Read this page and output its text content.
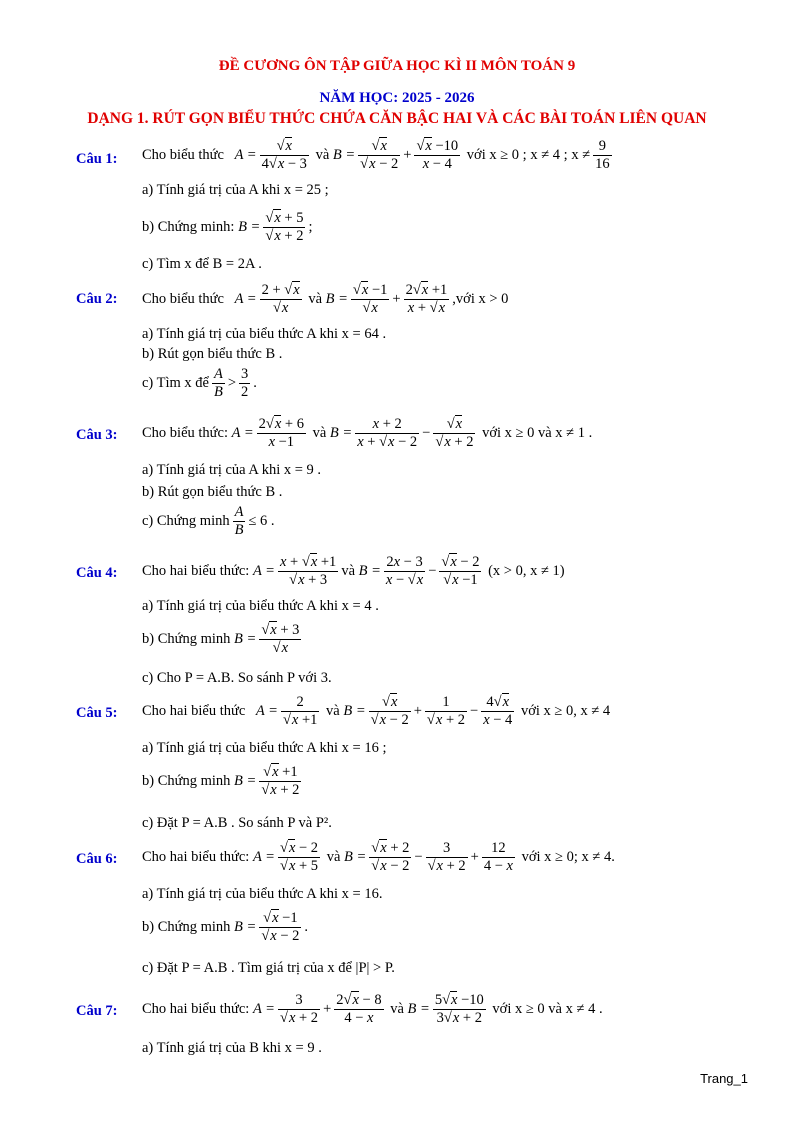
ĐỀ CƯƠNG ÔN TẬP GIỮA HỌC KÌ II MÔN TOÁN 9
NĂM HỌC: 2025 - 2026
DẠNG 1. RÚT GỌN BIỂU THỨC CHỨA CĂN BẬC HAI VÀ CÁC BÀI TOÁN LIÊN QUAN
Câu 1: Cho biểu thức   $A = \frac{√x}{4√x - 3}$ và $B = \frac{√x}{√x - 2} + \frac{√x -10}{x - 4}$ với x ≥ 0 ; x ≠ 4 ; $x \ne \frac{9}{16}$
a) Tính giá trị của A khi x = 25 ;
b) Chứng minh: $B = \frac{√x + 5}{√x + 2}$ ;
c) Tìm x để B = 2A .
Câu 2: Cho biểu thức   $A = \frac{2 + √x}{√x}$ và $B = \frac{√x -1}{√x} + \frac{2√x +1}{x + √x}$ ,với x > 0
a) Tính giá trị của biểu thức A khi x = 64 .
b) Rút gọn biểu thức B .
c) Tìm x để $\frac{A}{B} > \frac{3}{2}$ .
Câu 3: Cho biểu thức: $A = \frac{2√x + 6}{x -1}$ và $B = \frac{x + 2}{x + √x - 2} - \frac{√x}{√x + 2}$ với x ≥ 0 và x ≠ 1 .
a) Tính giá trị của A khi x = 9 .
b) Rút gọn biểu thức B .
c) Chứng minh $\frac{A}{B} \le 6$ .
Câu 4: Cho hai biểu thức: $A = \frac{x + √x +1}{√x + 3}$ và $B = \frac{2x - 3}{x - √x} - \frac{√x - 2}{√x -1} (x > 0$, x ≠ 1)
a) Tính giá trị của biểu thức A khi x = 4 .
b) Chứng minh $B = \frac{√x + 3}{√x}$
c) Cho P = A.B. So sánh P với 3.
Câu 5: Cho hai biểu thức   $A = \frac{2}{√x +1}$ và $B = \frac{√x}{√x - 2} + \frac{1}{√x + 2} - \frac{4√x}{x - 4}$ với x ≥ 0, x ≠ 4
a) Tính giá trị của biểu thức A khi x = 16 ;
b) Chứng minh $B = \frac{√x +1}{√x + 2}$
c) Đặt P = A.B . So sánh P và P².
Câu 6: Cho hai biểu thức: $A = \frac{√x - 2}{√x + 5}$ và $B = \frac{√x + 2}{√x - 2} - \frac{3}{√x + 2} + \frac{12}{4 - x}$ với x ≥ 0; x ≠ 4.
a) Tính giá trị của biểu thức A khi x = 16.
b) Chứng minh $B = \frac{√x -1}{√x - 2}$ .
c) Đặt P = A.B . Tìm giá trị của x để |P| > P.
Câu 7: Cho hai biểu thức: $A = \frac{3}{√x + 2} + \frac{2√x - 8}{4 - x}$ và $B = \frac{5√x -10}{3√x + 2}$ với x ≥ 0 và x ≠ 4 .
a) Tính giá trị của B khi x = 9 .
Trang_1
